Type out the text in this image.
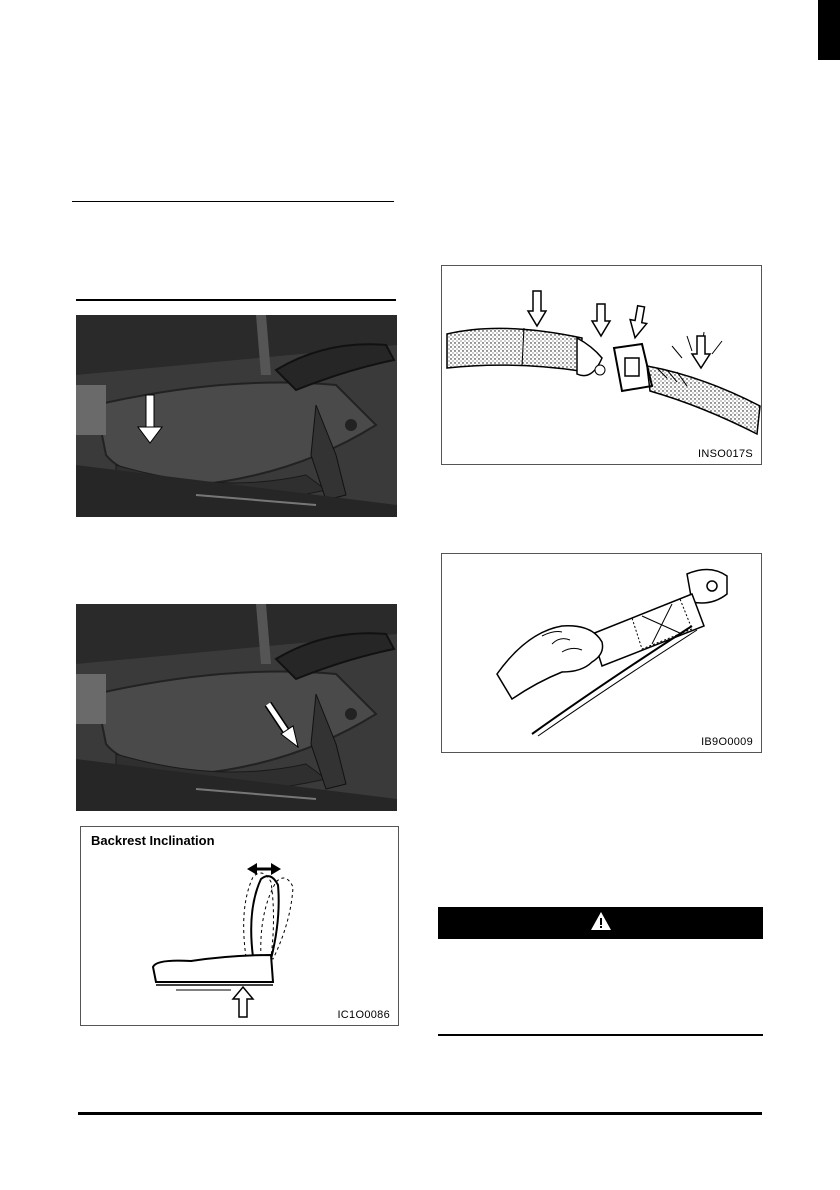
Backrest Inclination
IC1O0086
INSO017S
IB9O0009
